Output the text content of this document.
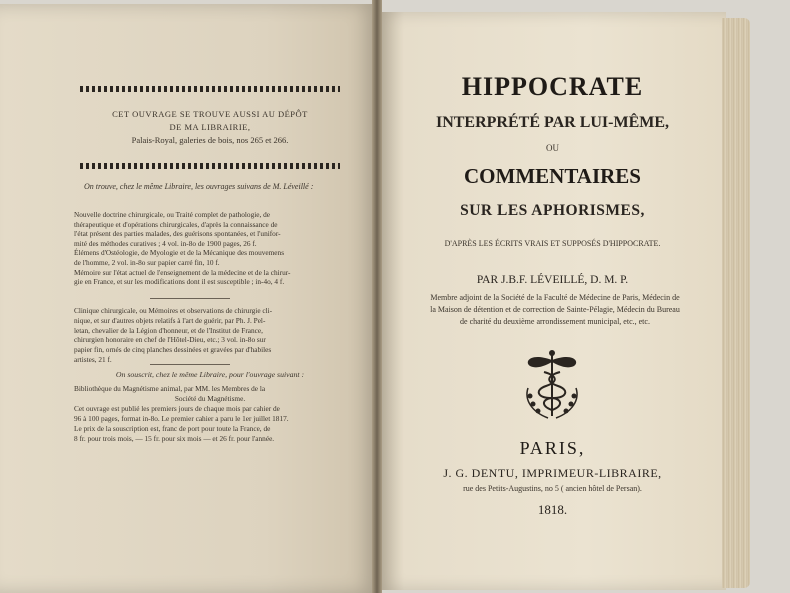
CET OUVRAGE SE TROUVE AUSSI AU DÉPÔT

DE MA LIBRAIRIE,

Palais-Royal, galeries de bois, nos 265 et 266.

On trouve, chez le même Libraire, les ouvrages suivans de M. Léveillé :

Nouvelle doctrine chirurgicale, ou Traité complet de pathologie, de

thérapeutique et d'opérations chirurgicales, d'après la connaissance de

l'état présent des parties malades, des guérisons spontanées, et l'unifor-

mité des méthodes curatives ; 4 vol. in-8o de 1900 pages, 26 f.

Élémens d'Ostéologie, de Myologie et de la Mécanique des mouvemens

de l'homme, 2 vol. in-8o sur papier carré fin, 10 f.

Mémoire sur l'état actuel de l'enseignement de la médecine et de la chirur-

gie en France, et sur les modifications dont il est susceptible ; in-4o, 4 f.

Clinique chirurgicale, ou Mémoires et observations de chirurgie cli-

nique, et sur d'autres objets relatifs à l'art de guérir, par Ph. J. Pel-

letan, chevalier de la Légion d'honneur, et de l'Institut de France,

chirurgien honoraire en chef de l'Hôtel-Dieu, etc.; 3 vol. in-8o sur

papier fin, ornés de cinq planches dessinées et gravées par d'habiles

artistes, 21 f.

On souscrit, chez le même Libraire, pour l'ouvrage suivant :

Bibliothèque du Magnétisme animal, par MM. les Membres de la

Société du Magnétisme.

Cet ouvrage est publié les premiers jours de chaque mois par cahier de

96 à 100 pages, format in-8o. Le premier cahier a paru le 1er juillet 1817.

Le prix de la souscription est, franc de port pour toute la France, de

8 fr. pour trois mois, — 15 fr. pour six mois — et 26 fr. pour l'année.

HIPPOCRATE
INTERPRÉTÉ PAR LUI-MÊME,
OU
COMMENTAIRES
SUR LES APHORISMES,
D'APRÈS LES ÉCRITS VRAIS ET SUPPOSÉS D'HIPPOCRATE.
PAR J.B.F. LÉVEILLÉ, D. M. P.
Membre adjoint de la Société de la Faculté de Médecine de Paris, Médecin de la Maison de détention et de correction de Sainte-Pélagie, Médecin du Bureau de charité du deuxième arrondissement municipal, etc., etc.
PARIS,
J. G. DENTU, IMPRIMEUR-LIBRAIRE,
rue des Petits-Augustins, no 5 ( ancien hôtel de Persan).
1818.
